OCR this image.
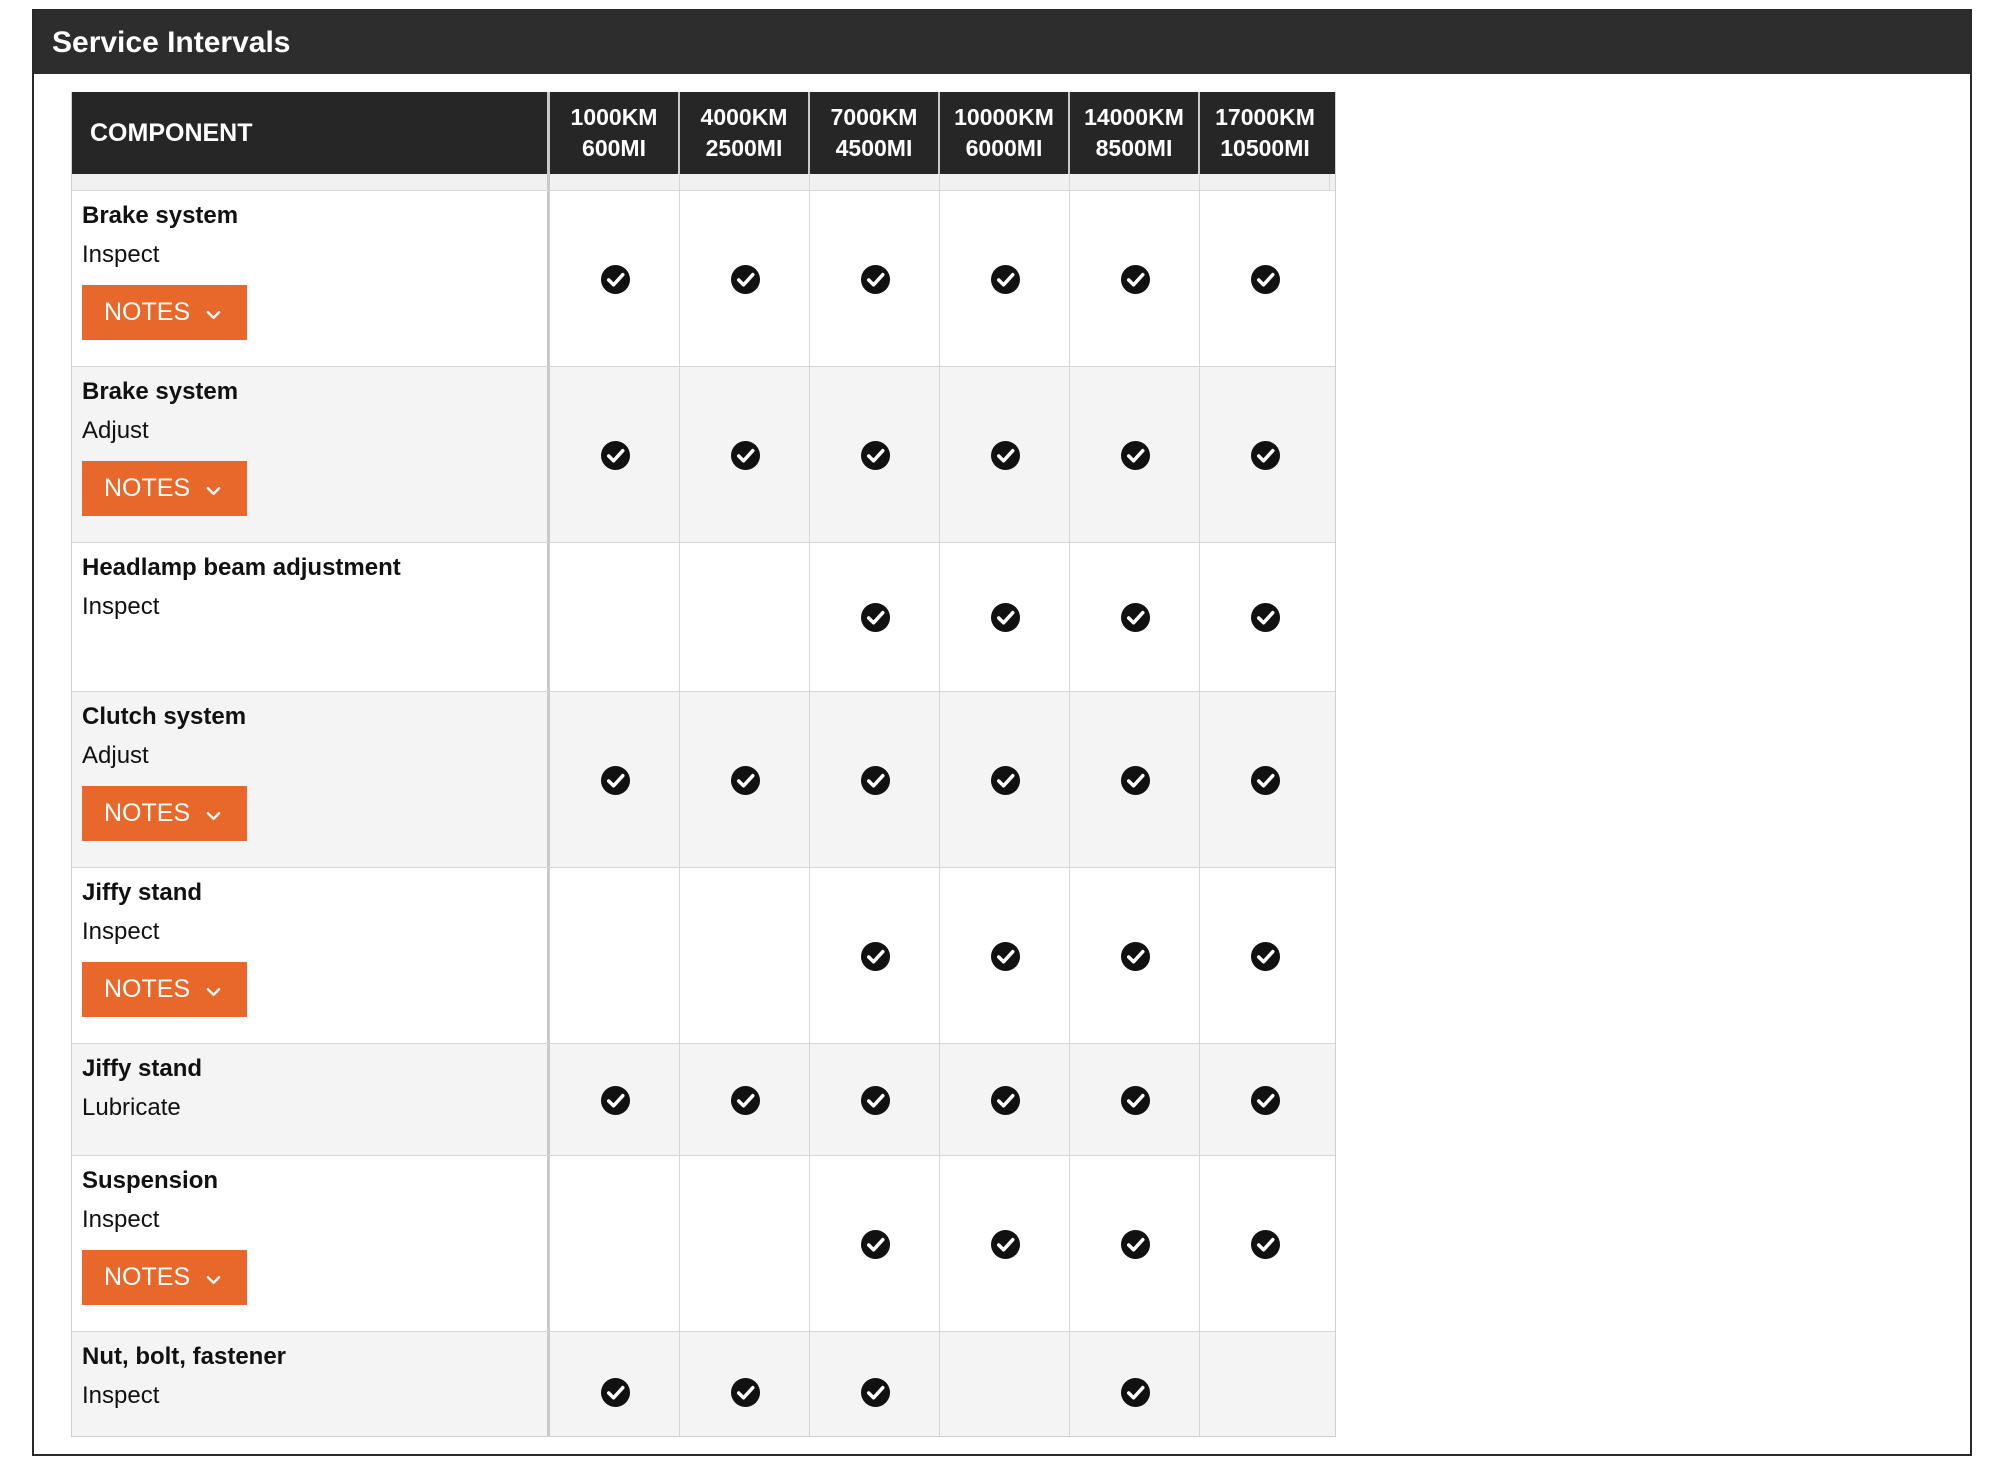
Service Intervals
COMPONENT
1000KM
600MI
4000KM
2500MI
7000KM
4500MI
10000KM
6000MI
14000KM
8500MI
17000KM
10500MI
Brake system
Inspect
NOTES
Brake system
Adjust
NOTES
Headlamp beam adjustment
Inspect
Clutch system
Adjust
NOTES
Jiffy stand
Inspect
NOTES
Jiffy stand
Lubricate
Suspension
Inspect
NOTES
Nut, bolt, fastener
Inspect
